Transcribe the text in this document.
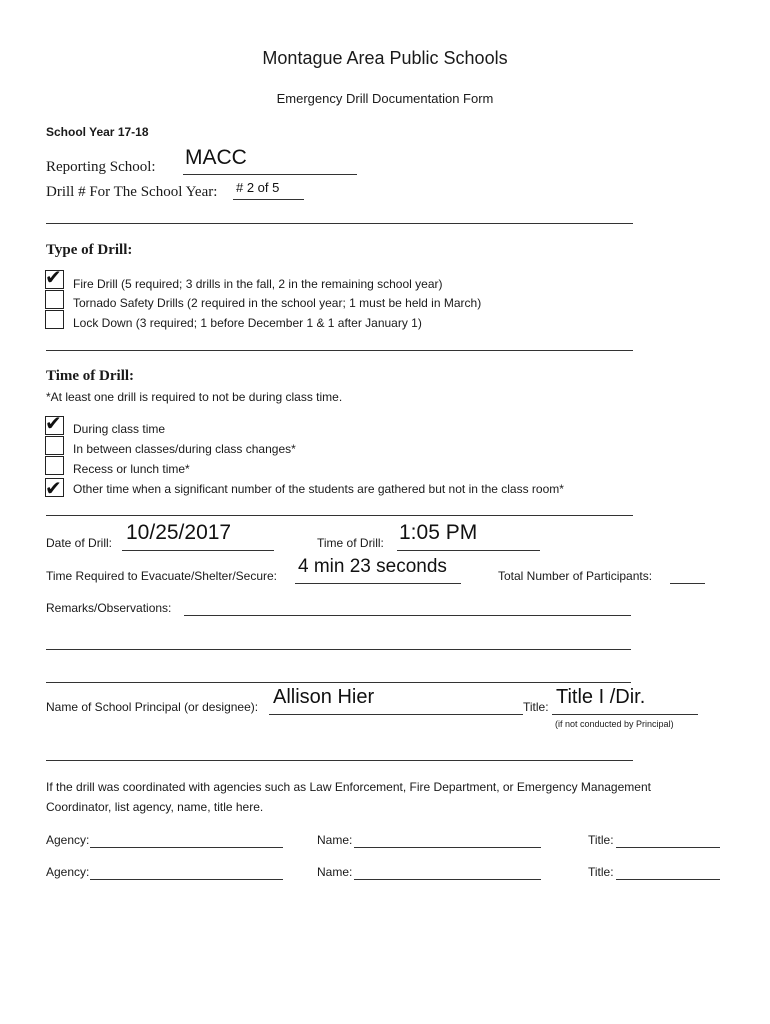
Montague Area Public Schools
Emergency Drill Documentation Form
School Year 17-18
Reporting School: MACC
Drill # For The School Year: # 2 of 5
Type of Drill:
✔ Fire Drill (5 required; 3 drills in the fall, 2 in the remaining school year)
Tornado Safety Drills (2 required in the school year; 1 must be held in March)
Lock Down (3 required; 1 before December 1 & 1 after January 1)
Time of Drill:
*At least one drill is required to not be during class time.
✔ During class time
In between classes/during class changes*
Recess or lunch time*
✔ Other time when a significant number of the students are gathered but not in the class room*
Date of Drill: 10/25/2017	Time of Drill: 1:05 PM
Time Required to Evacuate/Shelter/Secure: 4 min 23 seconds	Total Number of Participants:
Remarks/Observations:
Name of School Principal (or designee): Allison Hier	Title: Title I /Dir.
(if not conducted by Principal)
If the drill was coordinated with agencies such as Law Enforcement, Fire Department, or Emergency Management
Coordinator, list agency, name, title here.
Agency:	Name:	Title:
Agency:	Name:	Title:
